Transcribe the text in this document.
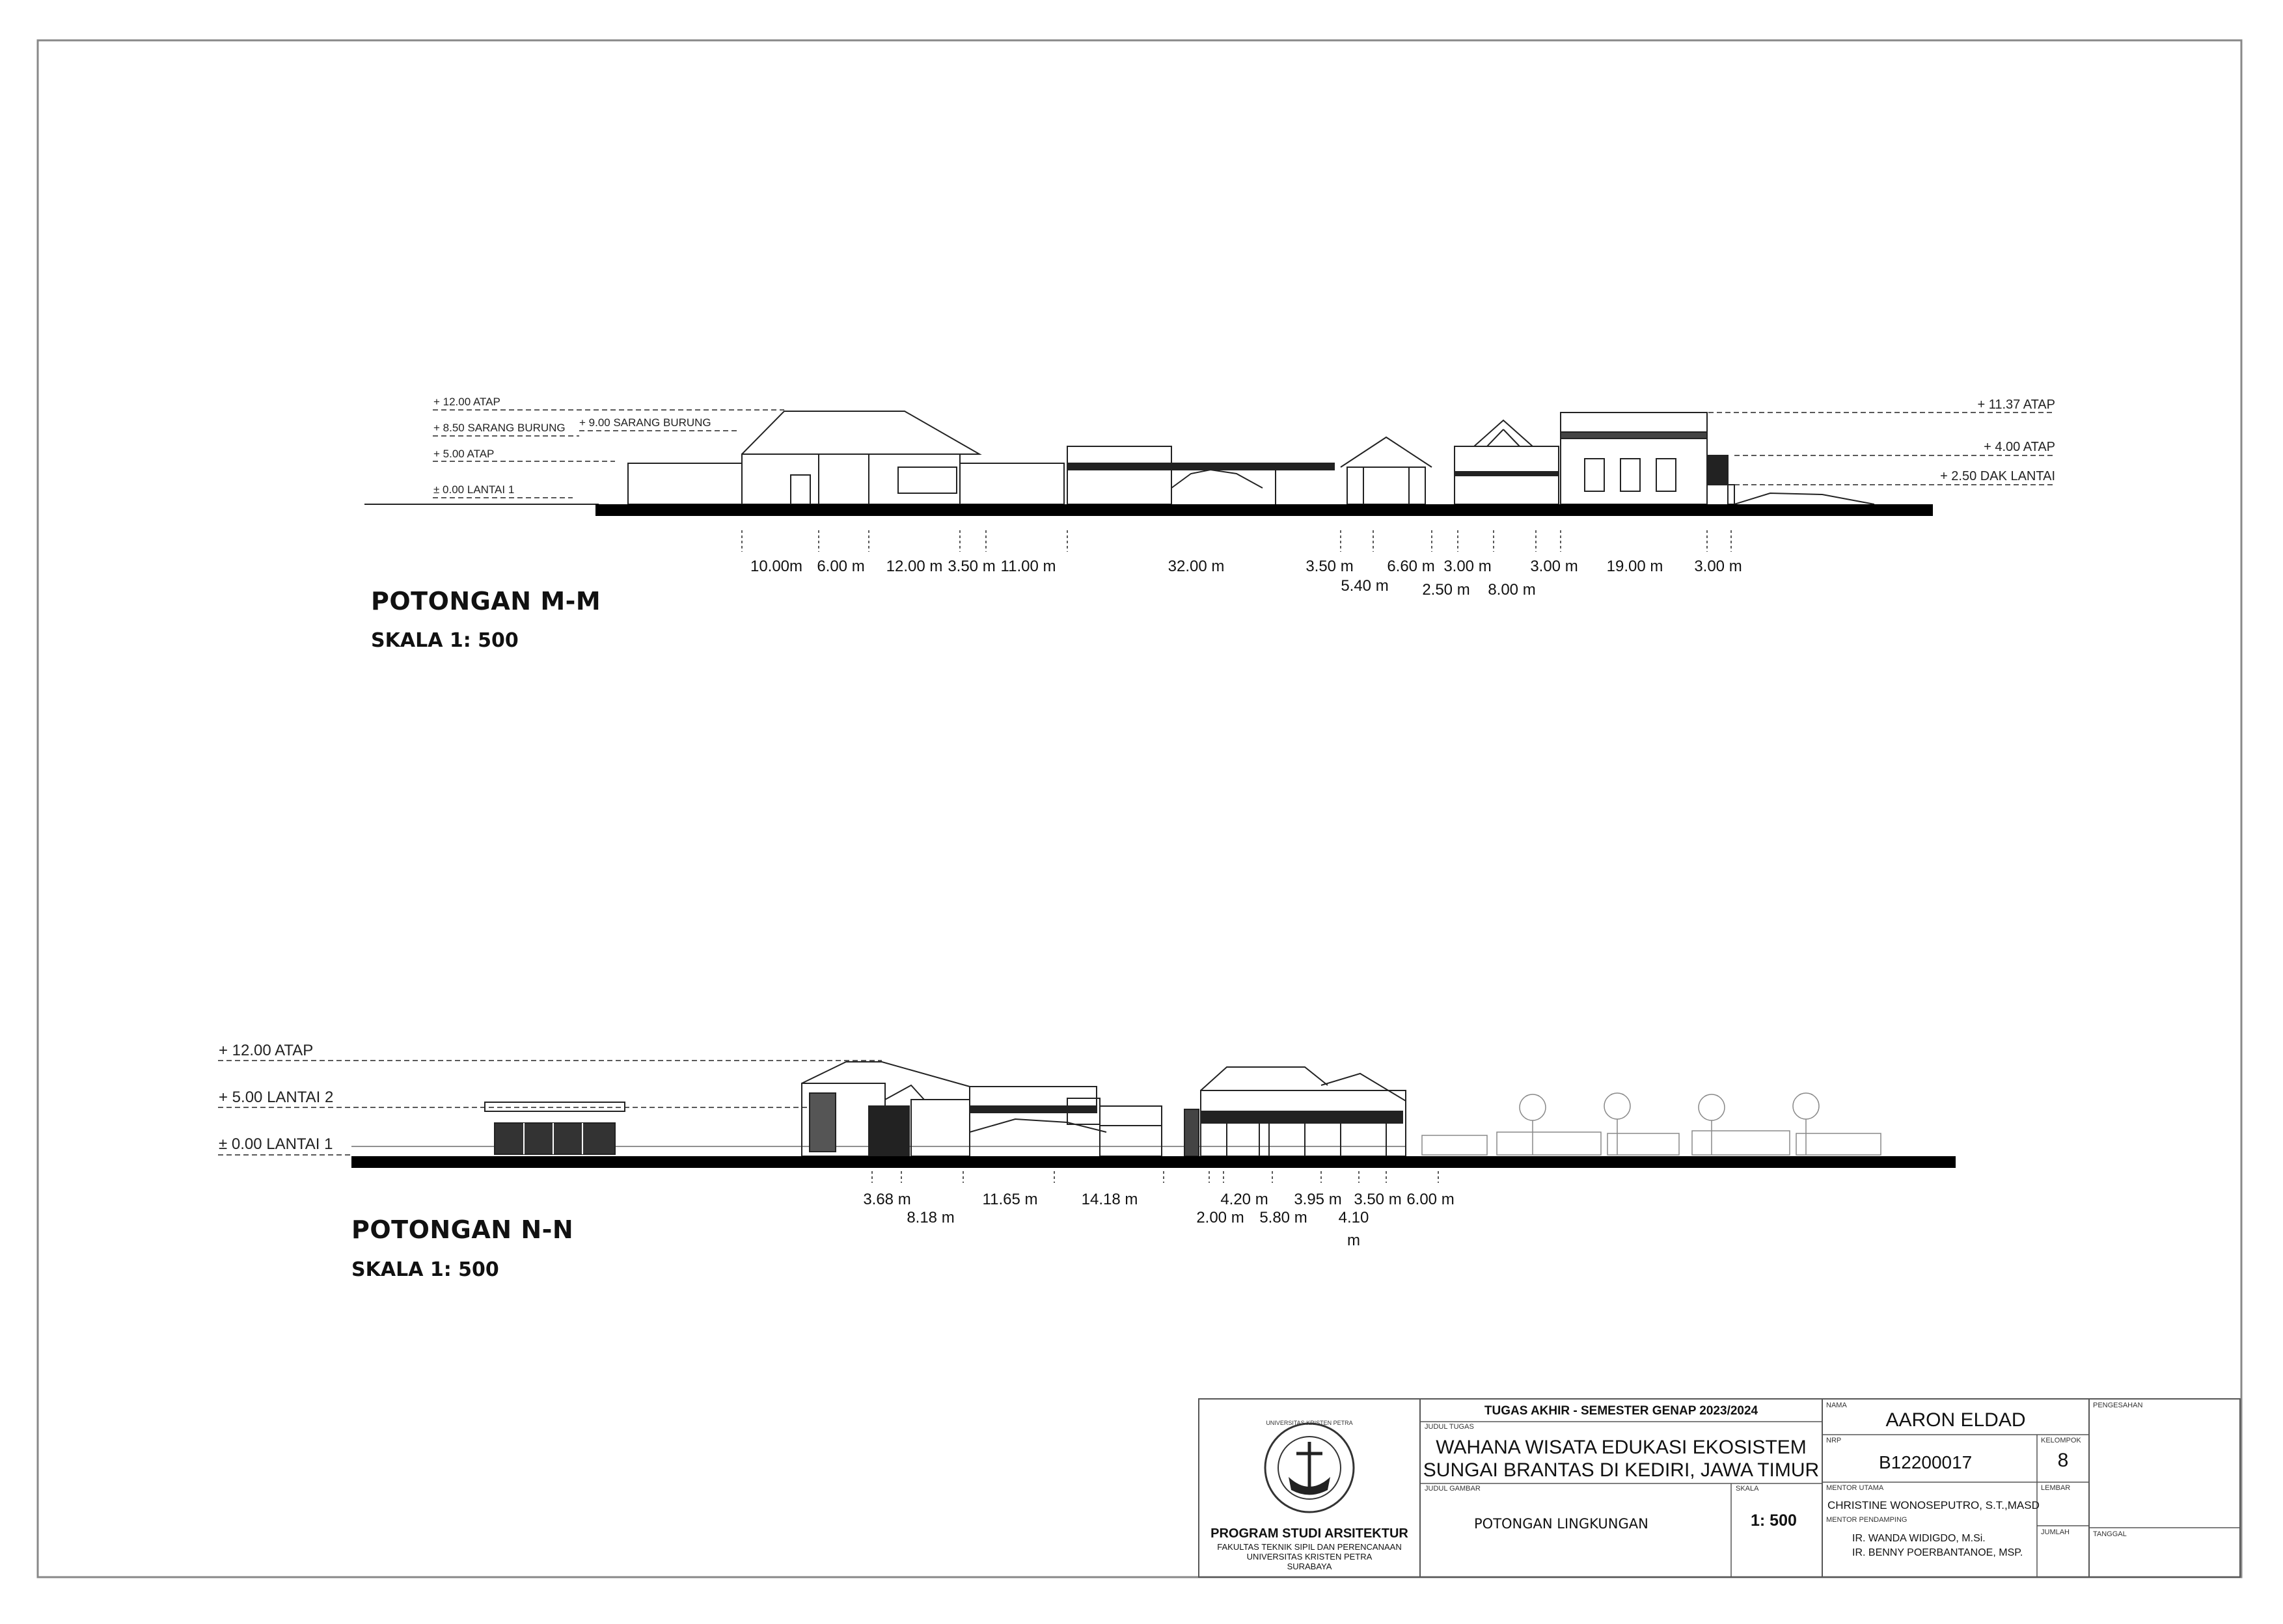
+ 12.00 ATAP
+ 8.50 SARANG BURUNG + 9.00 SARANG BURUNG
+ 5.00 ATAP
± 0.00 LANTAI 1
+ 11.37 ATAP
+ 4.00 ATAP
+ 2.50 DAK LANTAI
10.00m 6.00 m 12.00 m 3.50 m 11.00 m	32.00 m	3.50 m 6.60 m 3.00 m 3.00 m 19.00 m 3.00 m
5.40 m 2.50 m 8.00 m
POTONGAN M-M
SKALA 1: 500
+ 12.00 ATAP
+ 5.00 LANTAI 2
± 0.00 LANTAI 1
3.68 m	11.65 m	14.18 m	4.20 m 3.95 m 3.50 m 6.00 m
8.18 m	2.00 m 5.80 m 4.10
m
POTONGAN N-N
SKALA 1: 500
PROGRAM STUDI ARSITEKTUR
FAKULTAS TEKNIK SIPIL DAN PERENCANAAN
UNIVERSITAS KRISTEN PETRA
SURABAYA
UNIVERSITAS KRISTEN PETRA
TUGAS AKHIR - SEMESTER GENAP 2023/2024
JUDUL TUGAS
WAHANA WISATA EDUKASI EKOSISTEM
SUNGAI BRANTAS DI KEDIRI, JAWA TIMUR
JUDUL GAMBAR
POTONGAN LINGKUNGAN
SKALA
1: 500
NAMA
AARON ELDAD
NRP
B12200017
KELOMPOK
8
MENTOR UTAMA
CHRISTINE WONOSEPUTRO, S.T.,MASD
MENTOR PENDAMPING
IR. WANDA WIDIGDO, M.Si.
IR. BENNY POERBANTANOE, MSP.
LEMBAR
JUMLAH
PENGESAHAN
TANGGAL
